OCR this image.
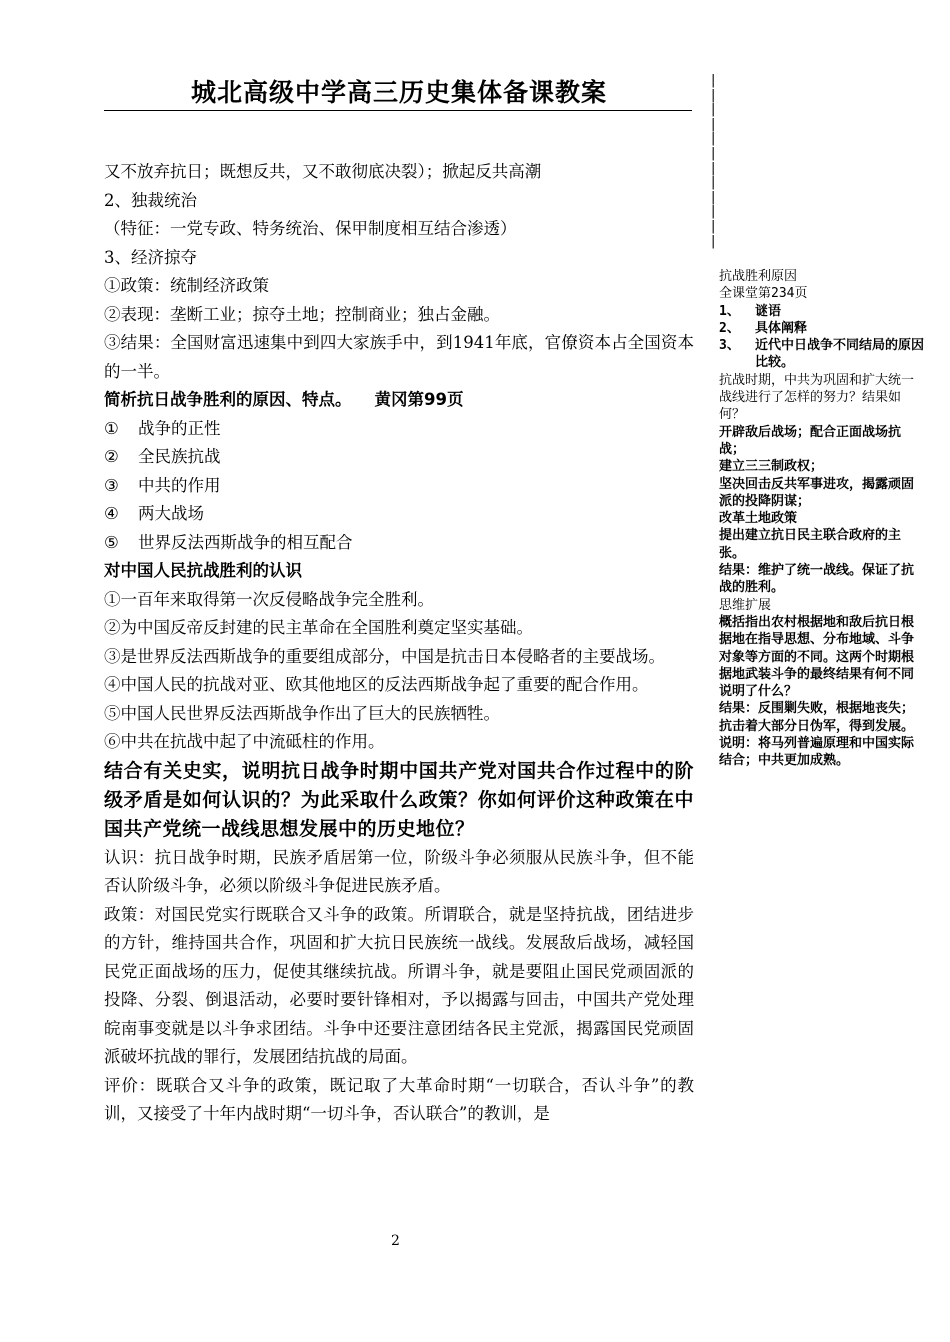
城北高级中学高三历史集体备课教案	|
|
|
|
|
|
|
|
|
|
|
|

又不放弃抗日；既想反共，又不敢彻底决裂）；掀起反共高潮

2、独裁统治

（特征：一党专政、特务统治、保甲制度相互结合渗透）

3、经济掠夺

①政策：统制经济政策

②表现：垄断工业；掠夺土地；控制商业；独占金融。

③结果：全国财富迅速集中到四大家族手中，到1941年底，官僚资本占全国资本的一半。

简析抗日战争胜利的原因、特点。    黄冈第99页

① 战争的正性

② 全民族抗战

③ 中共的作用

④ 两大战场

⑤ 世界反法西斯战争的相互配合

对中国人民抗战胜利的认识

①一百年来取得第一次反侵略战争完全胜利。

②为中国反帝反封建的民主革命在全国胜利奠定坚实基础。

③是世界反法西斯战争的重要组成部分，中国是抗击日本侵略者的主要战场。

④中国人民的抗战对亚、欧其他地区的反法西斯战争起了重要的配合作用。

⑤中国人民世界反法西斯战争作出了巨大的民族牺牲。

⑥中共在抗战中起了中流砥柱的作用。

结合有关史实，说明抗日战争时期中国共产党对国共合作过程中的阶级矛盾是如何认识的？为此采取什么政策？你如何评价这种政策在中国共产党统一战线思想发展中的历史地位？

认识：抗日战争时期，民族矛盾居第一位，阶级斗争必须服从民族斗争，但不能否认阶级斗争，必须以阶级斗争促进民族矛盾。

政策：对国民党实行既联合又斗争的政策。所谓联合，就是坚持抗战，团结进步的方针，维持国共合作，巩固和扩大抗日民族统一战线。发展敌后战场，减轻国民党正面战场的压力，促使其继续抗战。所谓斗争，就是要阻止国民党顽固派的投降、分裂、倒退活动，必要时要针锋相对，予以揭露与回击，中国共产党处理皖南事变就是以斗争求团结。斗争中还要注意团结各民主党派，揭露国民党顽固派破坏抗战的罪行，发展团结抗战的局面。

评价：既联合又斗争的政策，既记取了大革命时期“一切联合，否认斗争”的教训，又接受了十年内战时期“一切斗争，否认联合”的教训，是

抗战胜利原因

全课堂第234页

1、	谜语
2、	具体阐释
3、	近代中日战争不同结局的原因比较。

抗战时期，中共为巩固和扩大统一战线进行了怎样的努力？结果如何？

开辟敌后战场；配合正面战场抗战；

建立三三制政权；

坚决回击反共军事进攻，揭露顽固派的投降阴谋；

改革土地政策

提出建立抗日民主联合政府的主张。

结果：维护了统一战线。保证了抗战的胜利。

思维扩展

概括指出农村根据地和敌后抗日根据地在指导思想、分布地域、斗争对象等方面的不同。这两个时期根据地武装斗争的最终结果有何不同说明了什么？

结果：反围剿失败，根据地丧失；抗击着大部分日伪军，得到发展。

说明：将马列普遍原理和中国实际结合；中共更加成熟。

2
